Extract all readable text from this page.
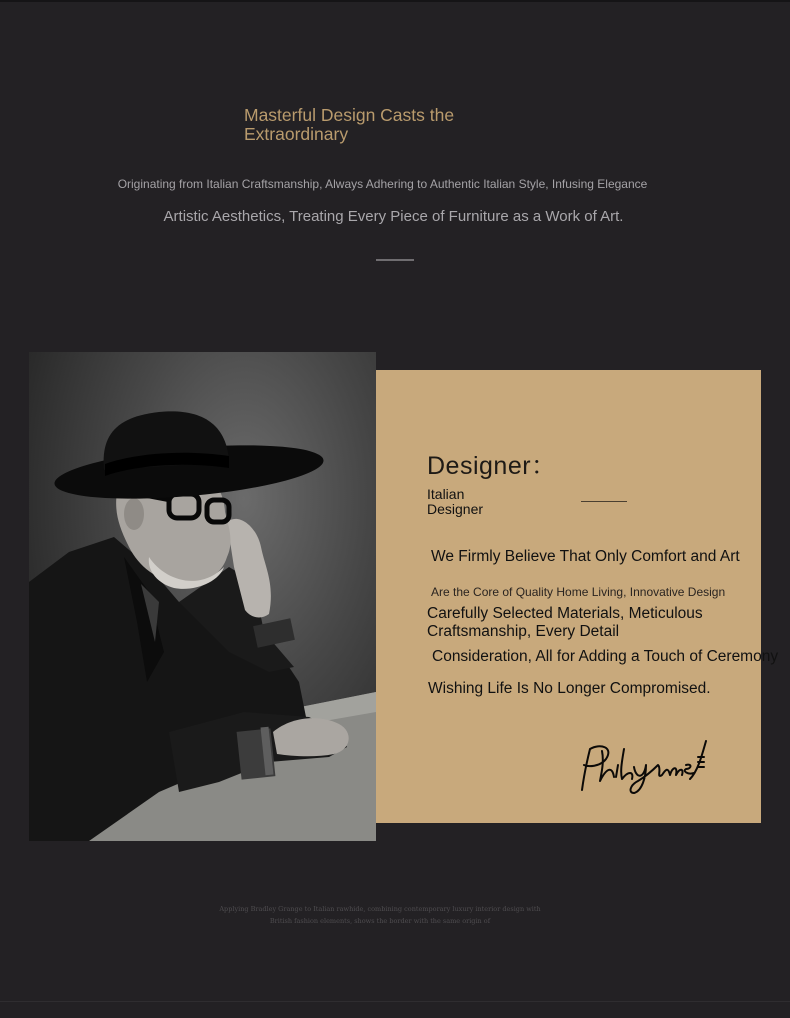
Masterful Design Casts the Extraordinary
Originating from Italian Craftsmanship, Always Adhering to Authentic Italian Style, Infusing Elegance
Artistic Aesthetics, Treating Every Piece of Furniture as a Work of Art.
Designer：
Italian Designer
We Firmly Believe That Only Comfort and Art
Are the Core of Quality Home Living, Innovative Design
Carefully Selected Materials, Meticulous Craftsmanship, Every Detail
Consideration, All for Adding a Touch of Ceremony
Wishing Life Is No Longer Compromised.
Applying Bradley Grange to Italian rawhide, combining contemporary luxury interior design with
British fashion elements, shows the border with the same origin of
